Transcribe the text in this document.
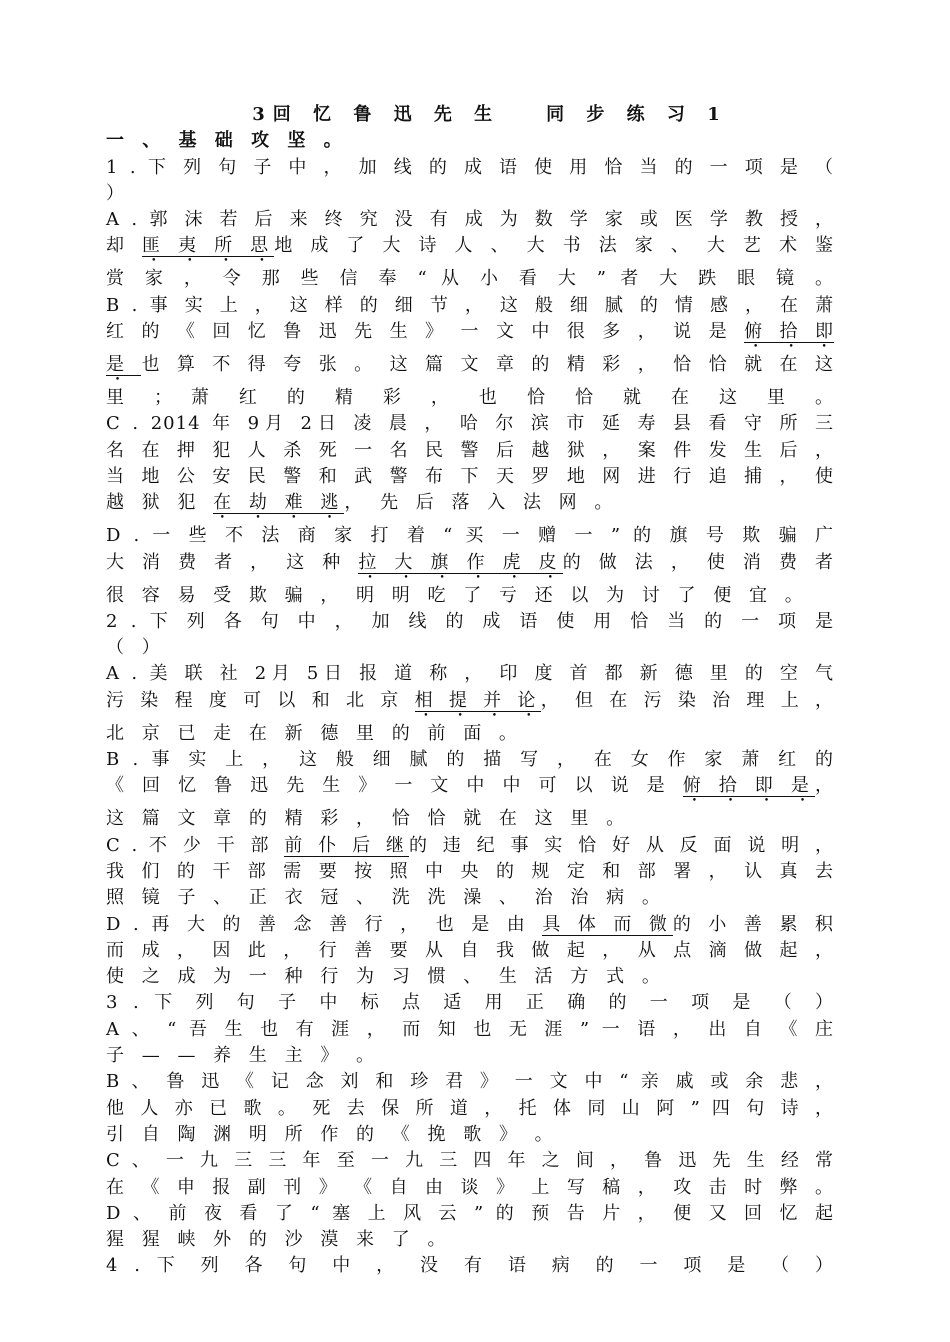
3回 忆 鲁 迅 先 生	同 步 练 习 1
一 、 基 础 攻 坚 。
1 . 下 列 句 子 中 ， 加 线 的 成 语 使 用 恰 当 的 一 项 是 （
）
A . 郭 沫 若 后 来 终 究 没 有 成 为 数 学 家 或 医 学 教 授 ，
却 匪 夷 所 思地 成 了 大 诗 人 、 大 书 法 家 、 大 艺 术 鉴
赏 家 ， 令 那 些 信 奉 “ 从 小 看 大 ” 者 大 跌 眼 镜 。
B . 事 实 上 ， 这 样 的 细 节 ， 这 般 细 腻 的 情 感 ， 在 萧
红 的 《 回 忆 鲁 迅 先 生 》 一 文 中 很 多 ， 说 是 俯 拾 即
是 也 算 不 得 夸 张 。 这 篇 文 章 的 精 彩 ， 恰 恰 就 在 这
里 ； 萧 红 的 精 彩 ， 也 恰 恰 就 在 这 里 。
C . 2014 年 9月 2日 凌 晨 ， 哈 尔 滨 市 延 寿 县 看 守 所 三
名 在 押 犯 人 杀 死 一 名 民 警 后 越 狱 ， 案 件 发 生 后 ，
当 地 公 安 民 警 和 武 警 布 下 天 罗 地 网 进 行 追 捕 ， 使
越 狱 犯 在 劫 难 逃， 先 后 落 入 法 网 。
D . 一 些 不 法 商 家 打 着 “ 买 一 赠 一 ” 的 旗 号 欺 骗 广
大 消 费 者 ， 这 种 拉 大 旗 作 虎 皮的 做 法 ， 使 消 费 者
很 容 易 受 欺 骗 ， 明 明 吃 了 亏 还 以 为 讨 了 便 宜 。
2 . 下 列 各 句 中 ， 加 线 的 成 语 使 用 恰 当 的 一 项 是
（ ）
A . 美 联 社 2月 5日 报 道 称 ， 印 度 首 都 新 德 里 的 空 气
污 染 程 度 可 以 和 北 京 相 提 并 论， 但 在 污 染 治 理 上 ，
北 京 已 走 在 新 德 里 的 前 面 。
B . 事 实 上 ， 这 般 细 腻 的 描 写 ， 在 女 作 家 萧 红 的
《 回 忆 鲁 迅 先 生 》 一 文 中 中 可 以 说 是 俯 拾 即 是，
这 篇 文 章 的 精 彩 ， 恰 恰 就 在 这 里 。
C . 不 少 干 部 前 仆 后 继的 违 纪 事 实 恰 好 从 反 面 说 明 ，
我 们 的 干 部 需 要 按 照 中 央 的 规 定 和 部 署 ， 认 真 去
照 镜 子 、 正 衣 冠 、 洗 洗 澡 、 治 治 病 。
D . 再 大 的 善 念 善 行 ， 也 是 由 具 体 而 微的 小 善 累 积
而 成 ， 因 此 ， 行 善 要 从 自 我 做 起 ， 从 点 滴 做 起 ，
使 之 成 为 一 种 行 为 习 惯 、 生 活 方 式 。
3 . 下 列 句 子 中 标 点 适 用 正 确 的 一 项 是 （ ）
A 、 “ 吾 生 也 有 涯 ， 而 知 也 无 涯 ” 一 语 ， 出 自 《 庄
子 — — 养 生 主 》 。
B 、 鲁 迅 《 记 念 刘 和 珍 君 》 一 文 中 “ 亲 戚 或 余 悲 ，
他 人 亦 已 歌 。 死 去 保 所 道 ， 托 体 同 山 阿 ” 四 句 诗 ，
引 自 陶 渊 明 所 作 的 《 挽 歌 》 。
C 、 一 九 三 三 年 至 一 九 三 四 年 之 间 ， 鲁 迅 先 生 经 常
在 《 申 报 副 刊 》 《 自 由 谈 》 上 写 稿 ， 攻 击 时 弊 。
D 、 前 夜 看 了 “ 塞 上 风 云 ” 的 预 告 片 ， 便 又 回 忆 起
猩 猩 峡 外 的 沙 漠 来 了 。
4 . 下 列 各 句 中 ， 没 有 语 病 的 一 项 是 （ ）
